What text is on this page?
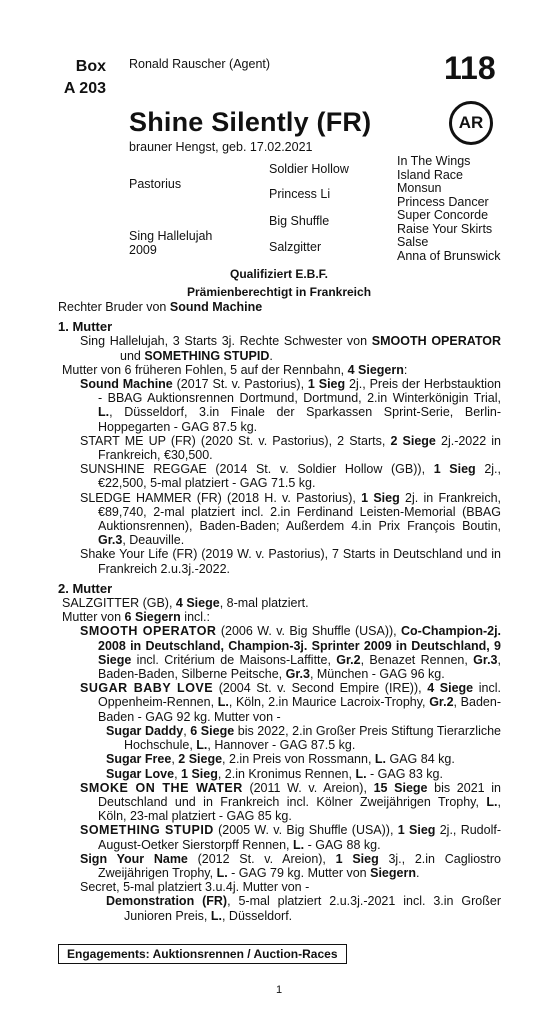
Box
A 203
Ronald Rauscher (Agent)	118
Shine Silently (FR)	AR
brauner Hengst, geb. 17.02.2021
Pastorius
Sing Hallelujah
2009
Soldier Hollow
Princess Li
Big Shuffle
Salzgitter
In The Wings
Island Race
Monsun
Princess Dancer
Super Concorde
Raise Your Skirts
Salse
Anna of Brunswick
Qualifiziert E.B.F.
Prämienberechtigt in Frankreich

Rechter Bruder von Sound Machine

1. Mutter

Sing Hallelujah, 3 Starts 3j. Rechte Schwester von SMOOTH OPERATOR und SOMETHING STUPID.

Mutter von 6 früheren Fohlen, 5 auf der Rennbahn, 4 Siegern:

Sound Machine (2017 St. v. Pastorius), 1 Sieg 2j., Preis der Herbstauktion - BBAG Auktionsrennen Dortmund, Dortmund, 2.in Winterkönigin Trial, L., Düsseldorf, 3.in Finale der Sparkassen Sprint-Serie, Berlin-Hoppegarten - GAG 87.5 kg.

START ME UP (FR) (2020 St. v. Pastorius), 2 Starts, 2 Siege 2j.-2022 in Frankreich, €30,500.

SUNSHINE REGGAE (2014 St. v. Soldier Hollow (GB)), 1 Sieg 2j., €22,500, 5-mal platziert - GAG 71.5 kg.

SLEDGE HAMMER (FR) (2018 H. v. Pastorius), 1 Sieg 2j. in Frankreich, €89,740, 2-mal platziert incl. 2.in Ferdinand Leisten-Memorial (BBAG Auktionsrennen), Baden-Baden; Außerdem 4.in Prix François Boutin, Gr.3, Deauville.

Shake Your Life (FR) (2019 W. v. Pastorius), 7 Starts in Deutschland und in Frankreich 2.u.3j.-2022.

2. Mutter

SALZGITTER (GB), 4 Siege, 8-mal platziert.

Mutter von 6 Siegern incl.:

SMOOTH OPERATOR (2006 W. v. Big Shuffle (USA)), Co-Champion-2j. 2008 in Deutschland, Champion-3j. Sprinter 2009 in Deutschland, 9 Siege incl. Critérium de Maisons-Laffitte, Gr.2, Benazet Rennen, Gr.3, Baden-Baden, Silberne Peitsche, Gr.3, München - GAG 96 kg.

SUGAR BABY LOVE (2004 St. v. Second Empire (IRE)), 4 Siege incl. Oppenheim-Rennen, L., Köln, 2.in Maurice Lacroix-Trophy, Gr.2, Baden-Baden - GAG 92 kg. Mutter von -

Sugar Daddy, 6 Siege bis 2022, 2.in Großer Preis Stiftung Tierarzliche Hochschule, L., Hannover - GAG 87.5 kg.

Sugar Free, 2 Siege, 2.in Preis von Rossmann, L. GAG 84 kg.

Sugar Love, 1 Sieg, 2.in Kronimus Rennen, L. - GAG 83 kg.

SMOKE ON THE WATER (2011 W. v. Areion), 15 Siege bis 2021 in Deutschland und in Frankreich incl. Kölner Zweijährigen Trophy, L., Köln, 23-mal platziert - GAG 85 kg.

SOMETHING STUPID (2005 W. v. Big Shuffle (USA)), 1 Sieg 2j., Rudolf-August-Oetker Sierstorpff Rennen, L. - GAG 88 kg.

Sign Your Name (2012 St. v. Areion), 1 Sieg 3j., 2.in Cagliostro Zweijährigen Trophy, L. - GAG 79 kg. Mutter von Siegern.

Secret, 5-mal platziert 3.u.4j. Mutter von -

Demonstration (FR), 5-mal platziert 2.u.3j.-2021 incl. 3.in Großer Junioren Preis, L., Düsseldorf.

Engagements: Auktionsrennen / Auction-Races
1
